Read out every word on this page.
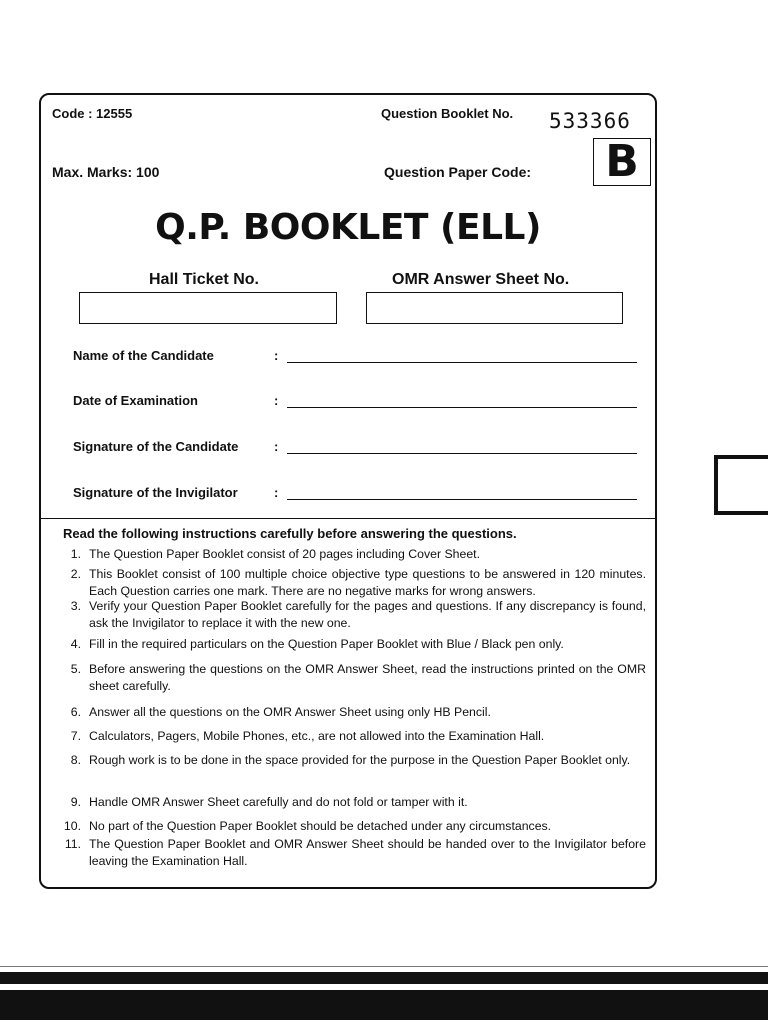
Code : 12555	Question Booklet No. 533366
Max. Marks: 100	Question Paper Code: B
Q.P. BOOKLET (ELL)
Hall Ticket No.	OMR Answer Sheet No.
Name of the Candidate	:
Date of Examination	:
Signature of the Candidate	:
Signature of the Invigilator	:
Read the following instructions carefully before answering the questions.
1. The Question Paper Booklet consist of 20 pages including Cover Sheet.
2. This Booklet consist of 100 multiple choice objective type questions to be answered in 120 minutes. Each Question carries one mark. There are no negative marks for wrong answers.
3. Verify your Question Paper Booklet carefully for the pages and questions. If any discrepancy is found, ask the Invigilator to replace it with the new one.
4. Fill in the required particulars on the Question Paper Booklet with Blue / Black pen only.
5. Before answering the questions on the OMR Answer Sheet, read the instructions printed on the OMR sheet carefully.
6. Answer all the questions on the OMR Answer Sheet using only HB Pencil.
7. Calculators, Pagers, Mobile Phones, etc., are not allowed into the Examination Hall.
8. Rough work is to be done in the space provided for the purpose in the Question Paper Booklet only.
9. Handle OMR Answer Sheet carefully and do not fold or tamper with it.
10. No part of the Question Paper Booklet should be detached under any circumstances.
11. The Question Paper Booklet and OMR Answer Sheet should be handed over to the Invigilator before leaving the Examination Hall.
